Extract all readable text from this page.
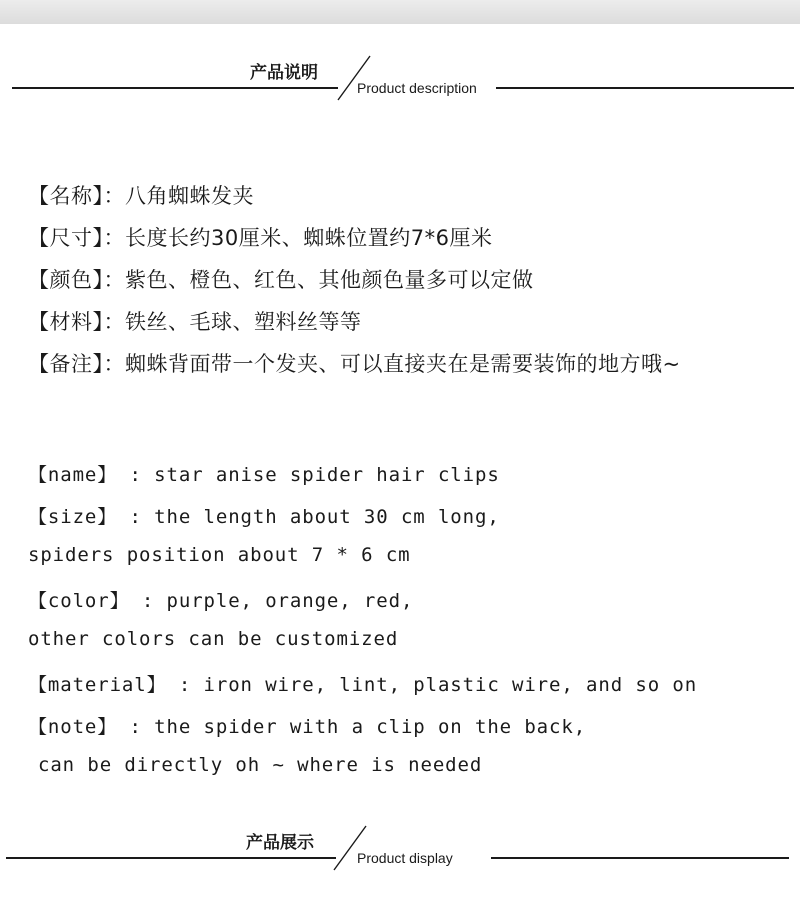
产品说明
Product description
【名称】：八角蜘蛛发夹
【尺寸】：长度长约30厘米、蜘蛛位置约7*6厘米
【颜色】：紫色、橙色、红色、其他颜色量多可以定做
【材料】：铁丝、毛球、塑料丝等等
【备注】：蜘蛛背面带一个发夹、可以直接夹在是需要装饰的地方哦~
【name】 : star anise spider hair clips
【size】 : the length about 30 cm long,
spiders position about 7 * 6 cm
【color】 : purple, orange, red,
other colors can be customized
【material】 : iron wire, lint, plastic wire, and so on
【note】 : the spider with a clip on the back,
can be directly oh ~ where is needed
产品展示
Product display
